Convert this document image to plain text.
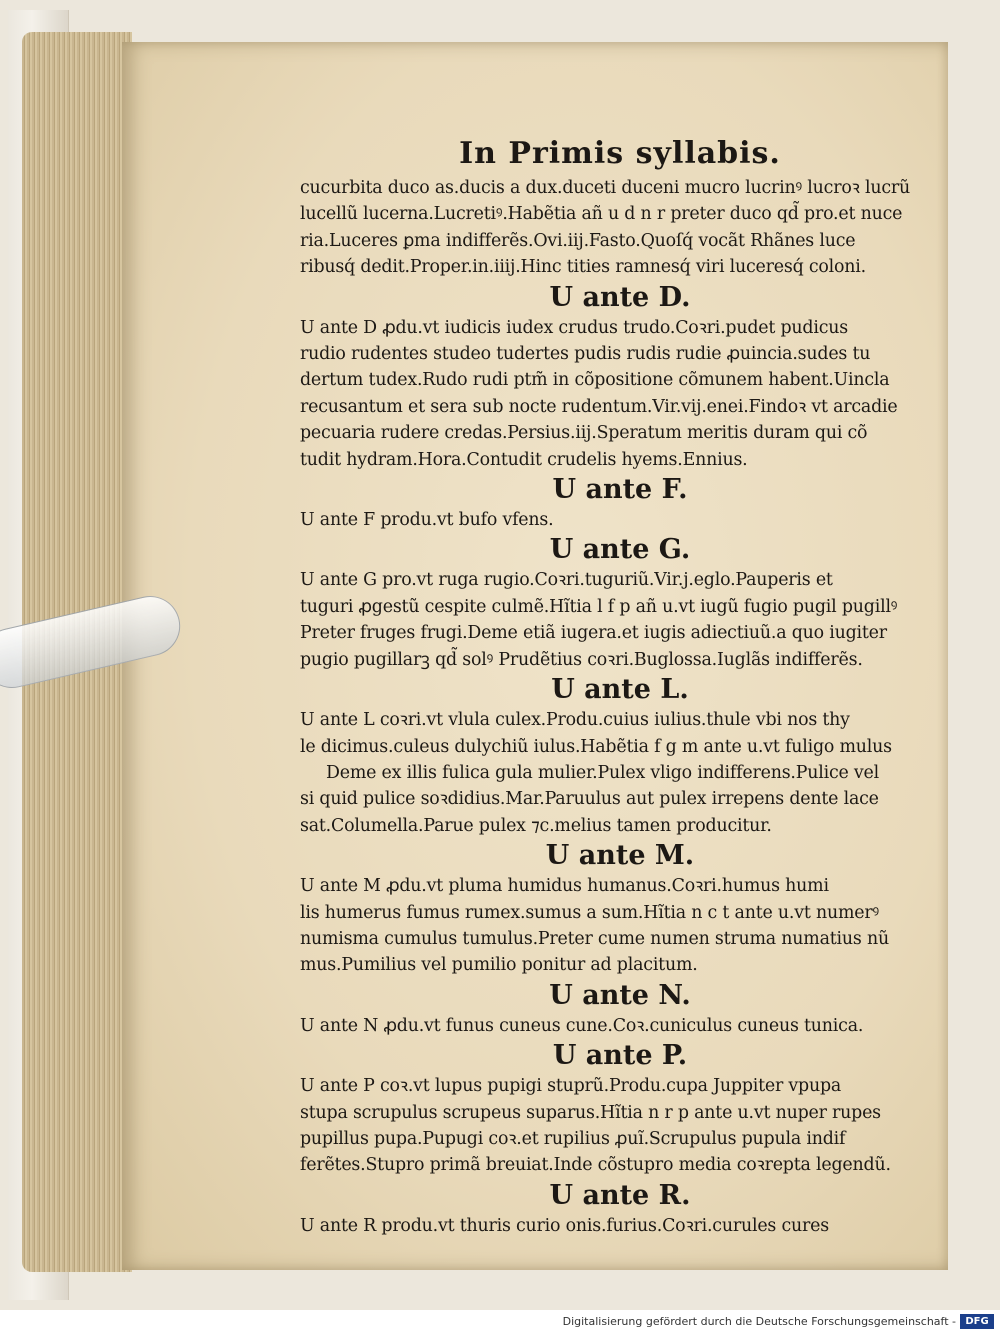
In Primis syllabis.
cucurbita duco as.ducis a dux.duceti duceni mucro lucrinꝰ lucroꝛ lucrũ
lucellũ lucerna.Lucretiꝰ.Habẽtia añ u d n r preter duco qd̃ pro.et nuce
ria.Luceres ꝑma indifferẽs.Ovi.iij.Fasto.Quoſq́ vocãt Rhãnes luce
ribusq́ dedit.Proper.in.iiij.Hinc tities ramnesq́ viri luceresq́ coloni.
U ante D.
U ante D ꝓdu.vt iudicis iudex crudus trudo.Coꝛri.pudet pudicus
rudio rudentes studeo tudertes pudis rudis rudie ꝓuincia.sudes tu
dertum tudex.Rudo rudi ptm̃ in cõpositione cõmunem habent.Uincla
recusantum et sera sub nocte rudentum.Vir.vij.enei.Findoꝛ vt arcadie
pecuaria rudere credas.Persius.iij.Speratum meritis duram qui cõ
tudit hydram.Hora.Contudit crudelis hyems.Ennius.
U ante F.
U ante F produ.vt bufo vfens.
U ante G.
U ante G pro.vt ruga rugio.Coꝛri.tuguriũ.Vir.j.eglo.Pauperis et
tuguri ꝓgestũ cespite culmẽ.Hĩtia l f p añ u.vt iugũ fugio pugil pugillꝰ
Preter fruges frugi.Deme etiã iugera.et iugis adiectiuũ.a quo iugiter
pugio pugillarꝫ qd̃ solꝰ Prudẽtius coꝛri.Buglossa.Iuglãs indifferẽs.
U ante L.
U ante L coꝛri.vt vlula culex.Produ.cuius iulius.thule vbi nos thy
le dicimus.culeus dulychiũ iulus.Habẽtia f g m ante u.vt fuligo mulus
Deme ex illis fulica gula mulier.Pulex vligo indifferens.Pulice vel
si quid pulice soꝛdidius.Mar.Paruulus aut pulex irrepens dente lace
sat.Columella.Parue pulex ⁊c.melius tamen producitur.
U ante M.
U ante M ꝓdu.vt pluma humidus humanus.Coꝛri.humus humi
lis humerus fumus rumex.sumus a sum.Hĩtia n c t ante u.vt numerꝰ
numisma cumulus tumulus.Preter cume numen struma numatius nũ
mus.Pumilius vel pumilio ponitur ad placitum.
U ante N.
U ante N ꝓdu.vt funus cuneus cune.Coꝛ.cuniculus cuneus tunica.
U ante P.
U ante P coꝛ.vt lupus pupigi stuprũ.Produ.cupa Juppiter vpupa
stupa scrupulus scrupeus suparus.Hĩtia n r p ante u.vt nuper rupes
pupillus pupa.Pupugi coꝛ.et rupilius ꝓuĩ.Scrupulus pupula indif
ferẽtes.Stupro primã breuiat.Inde cõstupro media coꝛrepta legendũ.
U ante R.
U ante R produ.vt thuris curio onis.furius.Coꝛri.curules cures
Digitalisierung gefördert durch die Deutsche Forschungsgemeinschaft - DFG
